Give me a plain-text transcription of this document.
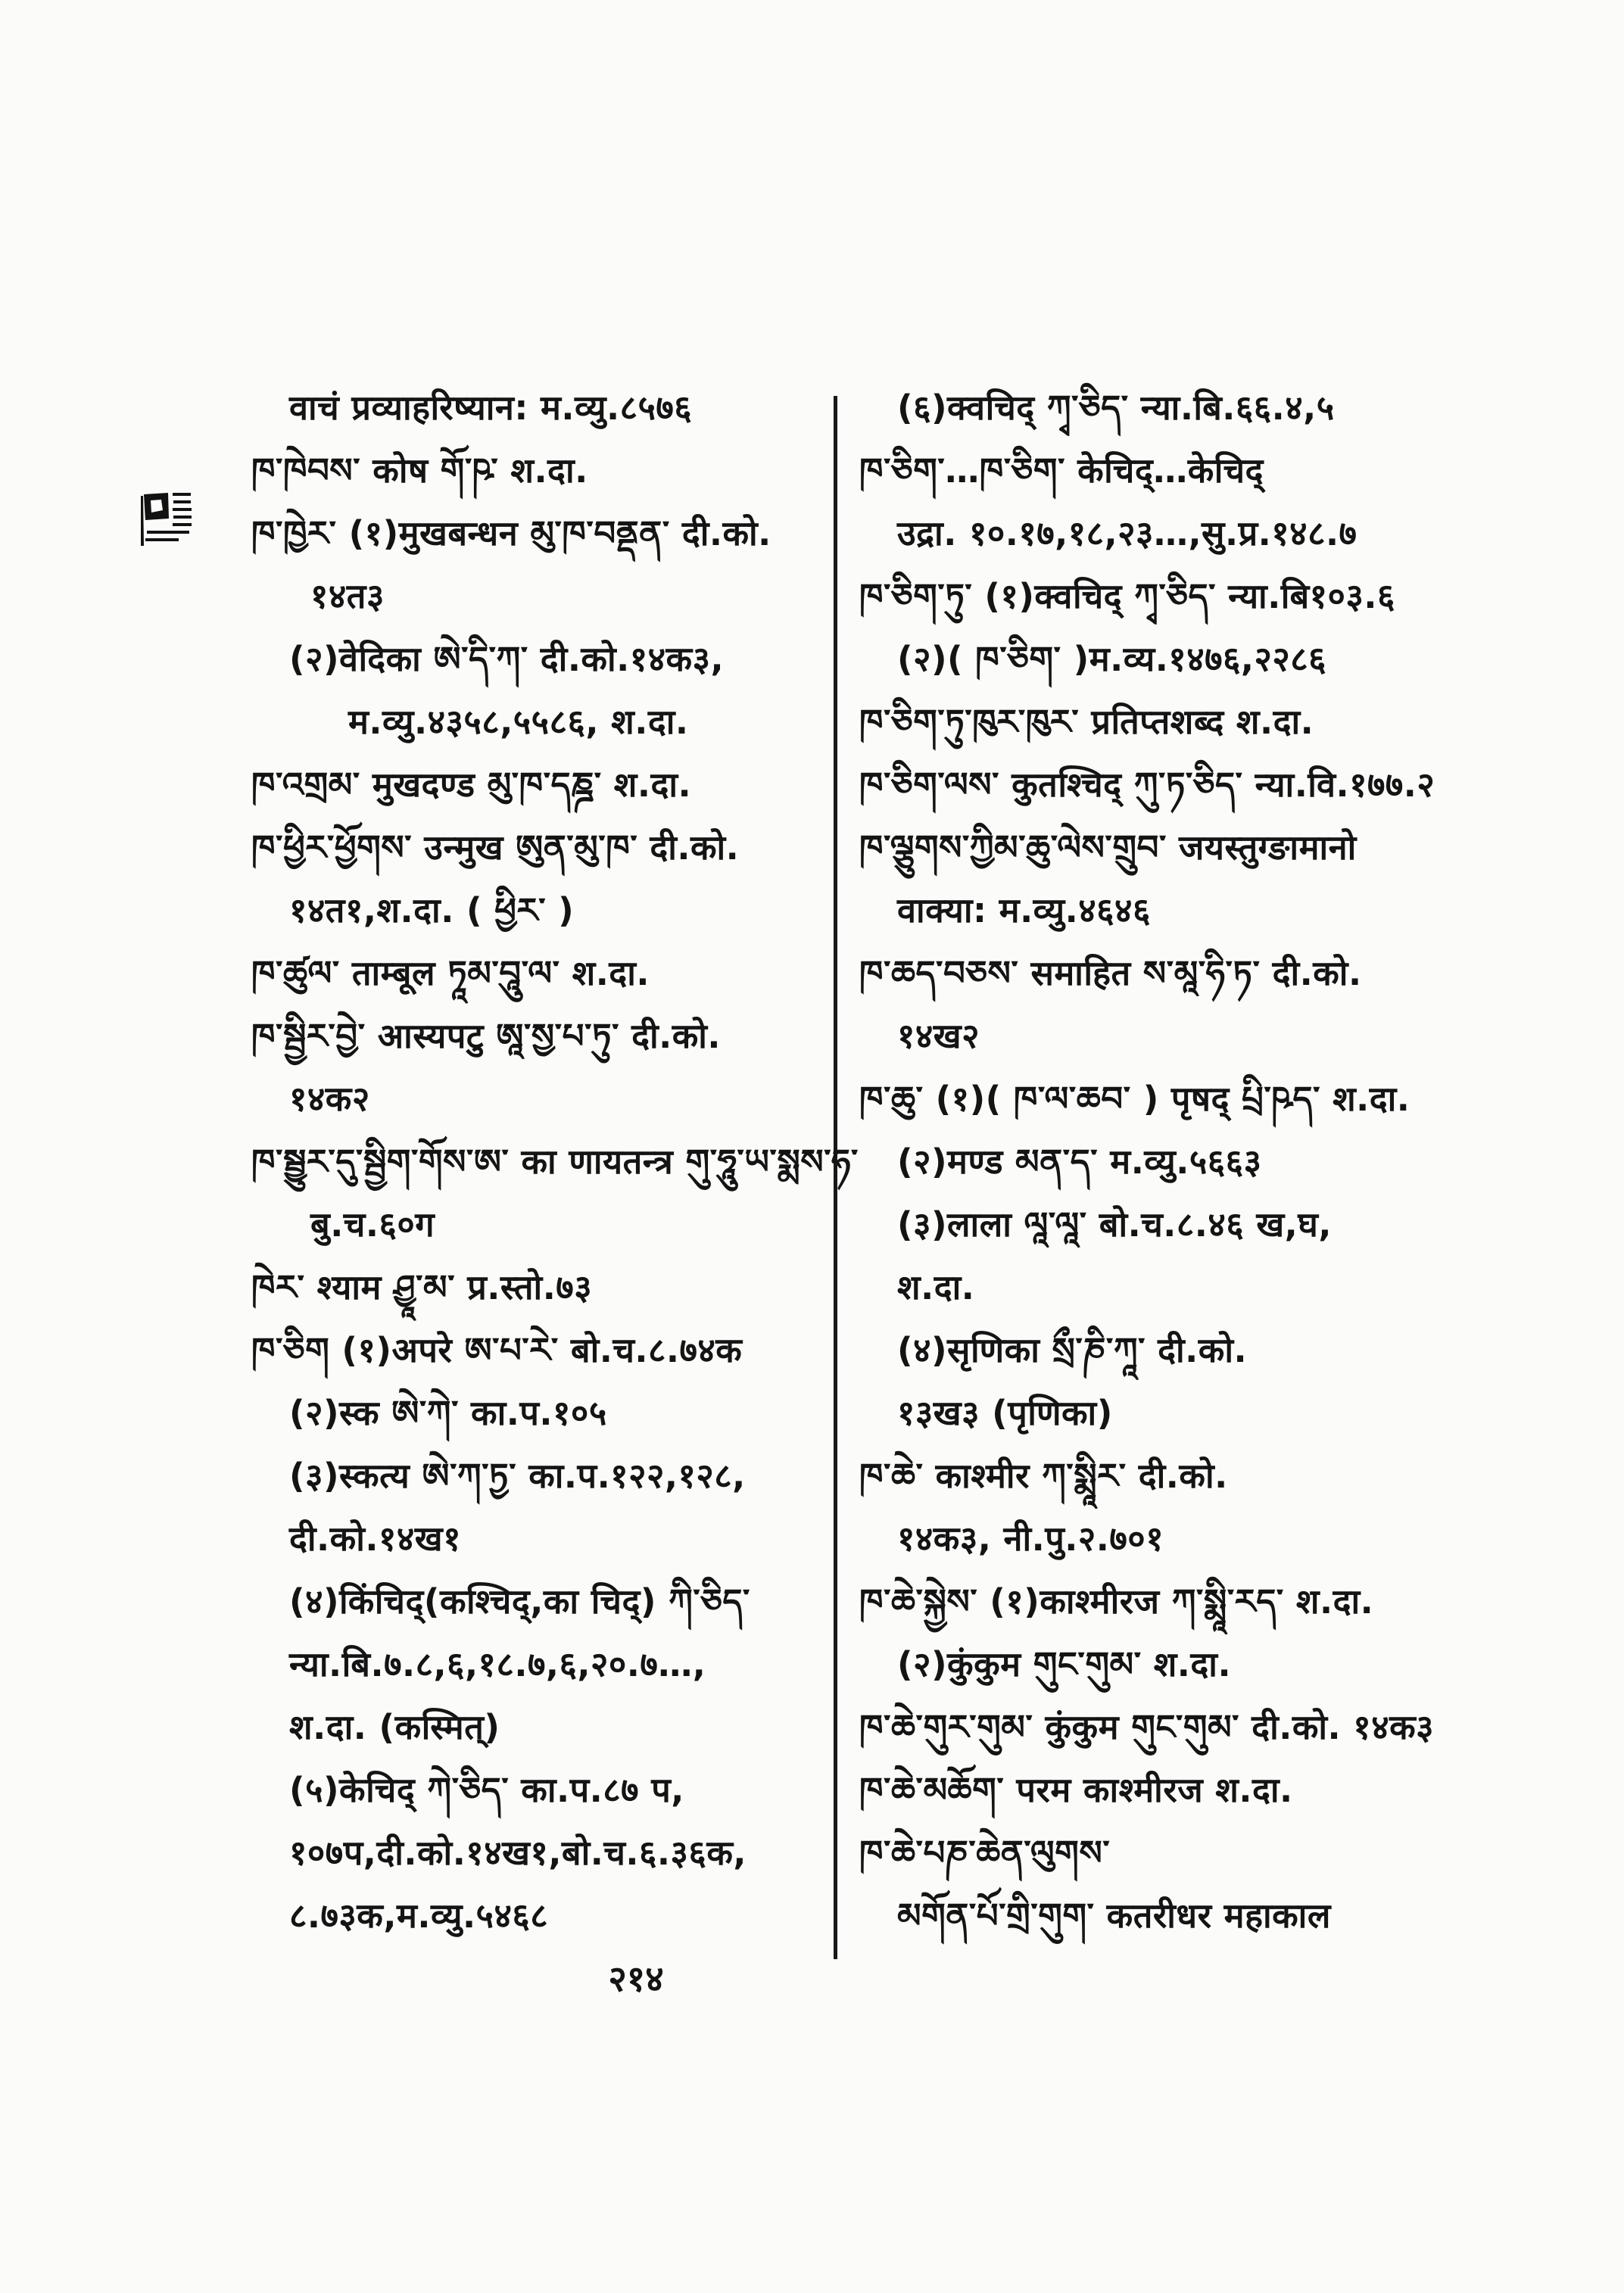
वाचं प्रव्याहरिष्यान: म.व्यु.८५७६
ཁ་ཁེབས་ कोष གོ་ཥ་ श.दा.
ཁ་ཁྱེར་ (१)मुखबन्धन མུ་ཁ་བནྡན་ दी.को.
१४त३
(२)वेदिका ཨེ་དི་ཀ་ दी.को.१४क३,
म.व्यु.४३५८,५५८६, श.दा.
ཁ་འགྲམ་ मुखदण्ड མུ་ཁ་དཎྜ་ श.दा.
ཁ་ཕྱིར་ཕྱོགས་ उन्मुख ཨུན་མུ་ཁ་ दी.को.
१४त१,श.दा. ( ཕྱིར་ )
ཁ་ཚུལ་ ताम्बूल ཏཱམ་བཱུ་ལ་ श.दा.
ཁ་སྦྱིར་བྱེ་ आस्यपटु ཨཱ་སྱ་པ་ཏུ་ दी.को.
१४क२
ཁ་སྦྱུར་དུ་སྦྱིག་གོས་ཨ་ का णायतन्त्र གུ་ཧཱུ་ཡ་སྨས་ཧ་
बु.च.६०ग
ཁེར་ श्याम ཤྱཱ་མ་ प्र.स्तो.७३
ཁ་ཅིག (१)अपरे ཨ་པ་རེ་ बो.च.८.७४क
(२)स्क ཨེ་ཀེ་ का.प.१०५
(३)स्कत्य ཨེ་ཀ་ཏྱ་ का.प.१२२,१२८,
दी.को.१४ख१
(४)किंचिद्(कश्चिद्,का चिद्) ཀི་ཅིད་
न्या.बि.७.८,६,१८.७,६,२०.७…,
श.दा. (कस्मित्)
(५)केचिद् ཀེ་ཅིད་ का.प.८७ प,
१०७प,दी.को.१४ख१,बो.च.६.३६क,
८.७३क,म.व्यु.५४६८
(६)क्वचिद् ཀྭ་ཅིད་ न्या.बि.६६.४,५
ཁ་ཅིག་…ཁ་ཅིག་ केचिद्…केचिद्
उद्रा. १०.१७,१८,२३…,सु.प्र.१४८.७
ཁ་ཅིག་ཏུ་ (१)क्वचिद् ཀྭ་ཅིད་ न्या.बि१०३.६
(२)( ཁ་ཅིག་ )म.व्य.१४७६,२२८६
ཁ་ཅིག་ཏུ་ཁུར་ཁུར་ प्रतिप्तशब्द श.दा.
ཁ་ཅིག་ལས་ कुतश्चिद् ཀུ་ཏ་ཅིད་ न्या.वि.१७७.२
ཁ་ལྕུགས་ཀྱིམ་ཆུ་ལེས་གྲུབ་ जयस्तुग्ङामानो
वाक्या: म.व्यु.४६४६
ཁ་ཆད་བཅས་ समाहित ས་མཱ་ཧི་ཏ་ दी.को.
१४ख२
ཁ་ཆུ་ (१)( ཁ་ལ་ཆབ་ ) पृषद् པྲི་ཥད་ श.दा.
(२)मण्ड མན་ད་ म.व्यु.५६६३
(३)लाला ལཱ་ལཱ་ बो.च.८.४६ ख,घ,
श.दा.
(४)सृणिका སྲྀ་ཎི་ཀཱ་ दी.को.
१३ख३ (पृणिका)
ཁ་ཆེ་ काश्मीर ཀ་སྨཱིར་ दी.को.
१४क३, नी.पु.२.७०१
ཁ་ཆེ་སྐྱེས་ (१)काश्मीरज ཀ་སྨཱི་རད་ श.दा.
(२)कुंकुम གུང་གུམ་ श.दा.
ཁ་ཆེ་གུར་གུམ་ कुंकुम གུང་གུམ་ दी.को. १४क३
ཁ་ཆེ་མཆོག་ परम काश्मीरज श.दा.
ཁ་ཆེ་པཎ་ཆེན་ལུགས་
མགོན་པོ་གྲི་གུག་ कतरीधर महाकाल
२१४
